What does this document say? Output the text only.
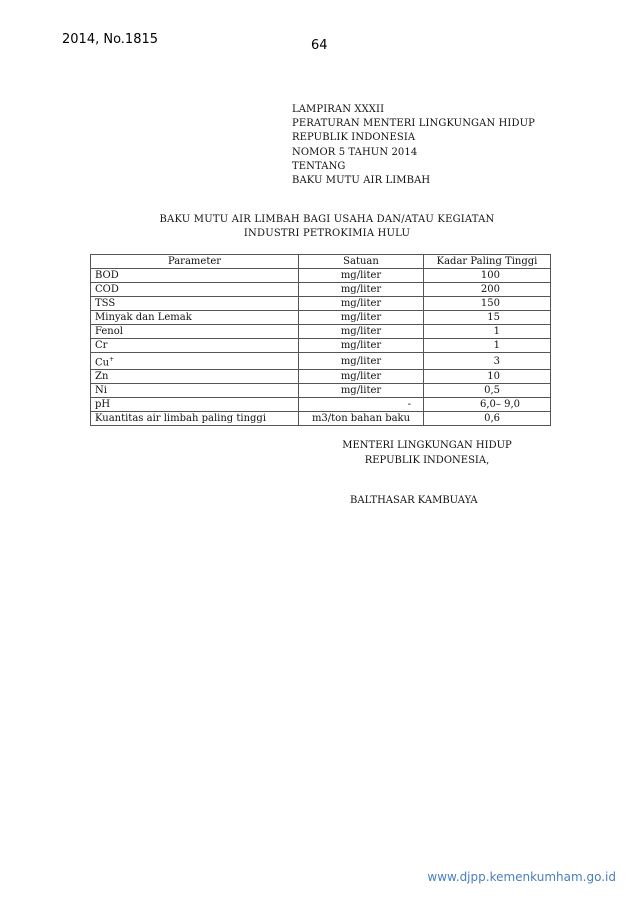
2014, No.1815	64
LAMPIRAN XXXII
PERATURAN MENTERI LINGKUNGAN HIDUP
REPUBLIK INDONESIA
NOMOR 5 TAHUN 2014
TENTANG
BAKU MUTU AIR LIMBAH
BAKU MUTU AIR LIMBAH BAGI USAHA DAN/ATAU KEGIATAN
INDUSTRI PETROKIMIA HULU
Parameter	Satuan	Kadar Paling Tinggi
BOD	mg/liter	100
COD	mg/liter	200
TSS	mg/liter	150
Minyak dan Lemak	mg/liter	15
Fenol	mg/liter	1
Cr	mg/liter	1
Cu+	mg/liter	3
Zn	mg/liter	10
Ni	mg/liter	0,5
pH	-	6,0– 9,0
Kuantitas air limbah paling tinggi	m3/ton bahan baku	0,6
MENTERI LINGKUNGAN HIDUP
REPUBLIK INDONESIA,
BALTHASAR KAMBUAYA
www.djpp.kemenkumham.go.id
